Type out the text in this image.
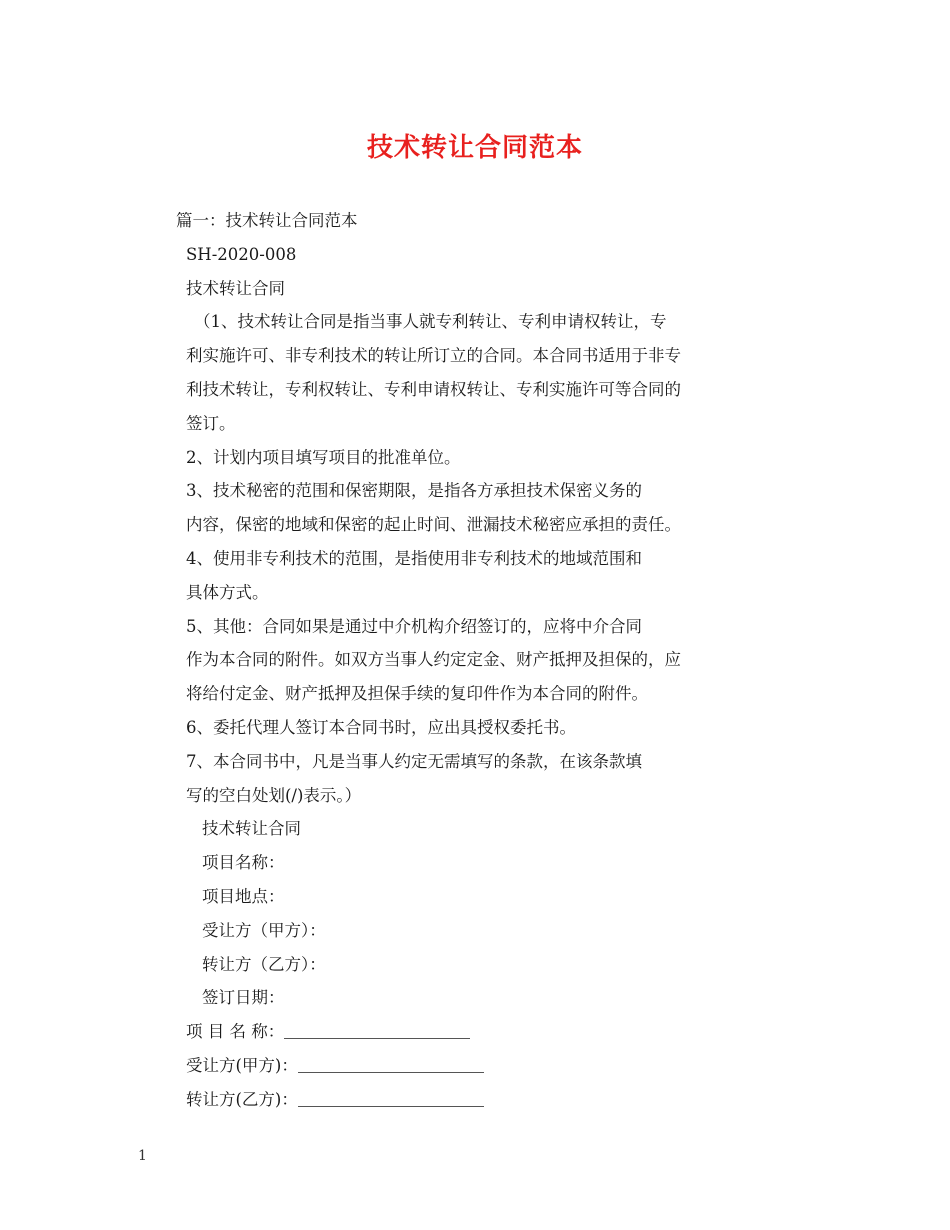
技术转让合同范本
篇一：技术转让合同范本
SH-2020-008
技术转让合同
（1、技术转让合同是指当事人就专利转让、专利申请权转让，专
利实施许可、非专利技术的转让所订立的合同。本合同书适用于非专
利技术转让，专利权转让、专利申请权转让、专利实施许可等合同的
签订。
2、计划内项目填写项目的批准单位。
3、技术秘密的范围和保密期限，是指各方承担技术保密义务的
内容，保密的地域和保密的起止时间、泄漏技术秘密应承担的责任。
4、使用非专利技术的范围，是指使用非专利技术的地域范围和
具体方式。
5、其他：合同如果是通过中介机构介绍签订的，应将中介合同
作为本合同的附件。如双方当事人约定定金、财产抵押及担保的，应
将给付定金、财产抵押及担保手续的复印件作为本合同的附件。
6、委托代理人签订本合同书时，应出具授权委托书。
7、本合同书中，凡是当事人约定无需填写的条款，在该条款填
写的空白处划(/)表示。）
技术转让合同
项目名称：
项目地点：
受让方（甲方）：
转让方（乙方）：
签订日期：
项 目 名 称：
受让方(甲方)：
转让方(乙方)：
1
